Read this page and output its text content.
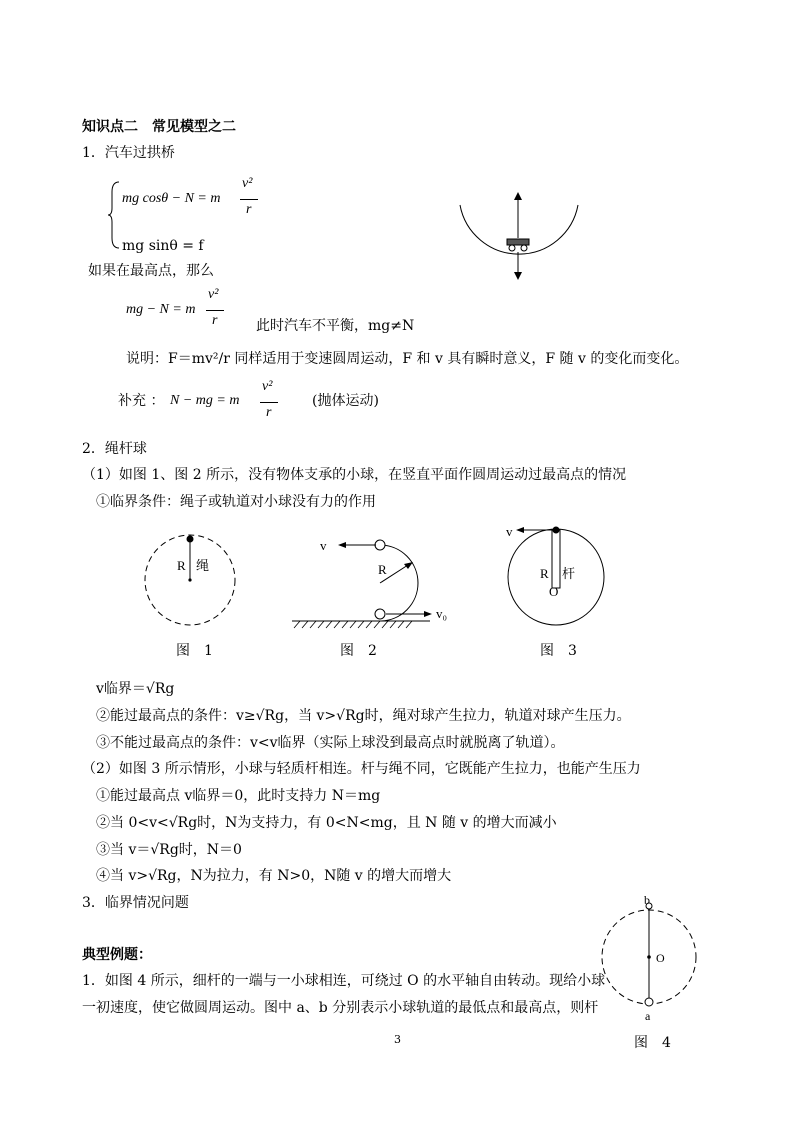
知识点二　常见模型之二
1．汽车过拱桥
mg cosθ − N = m
v²
r
mg sinθ = f
如果在最高点，那么
mg − N = m
v²
r	此时汽车不平衡，mg≠N
说明：F＝mv²/r 同样适用于变速圆周运动，F 和 v 具有瞬时意义，F 随 v 的变化而变化。
补充 ： N − mg = m
v²
r
(抛体运动)
2．绳杆球
（1）如图 1、图 2 所示，没有物体支承的小球，在竖直平面作圆周运动过最高点的情况
①临界条件：绳子或轨道对小球没有力的作用
R 绳
图　1
v
R
v₀
图　2
v
R 杆
O
图　3
v临界＝√Rg
②能过最高点的条件：v≥√Rg，当 v>√Rg时，绳对球产生拉力，轨道对球产生压力。
③不能过最高点的条件：v<v临界（实际上球没到最高点时就脱离了轨道）。
（2）如图 3 所示情形，小球与轻质杆相连。杆与绳不同，它既能产生拉力，也能产生压力
①能过最高点 v临界＝0，此时支持力 N＝mg
②当 0<v<√Rg时，N为支持力，有 0<N<mg，且 N 随 v 的增大而减小
③当 v＝√Rg时，N＝0
④当 v>√Rg，N为拉力，有 N>0，N随 v 的增大而增大
3．临界情况问题
典型例题：
1．如图 4 所示，细杆的一端与一小球相连，可绕过 O 的水平轴自由转动。现给小球
一初速度，使它做圆周运动。图中 a、b 分别表示小球轨道的最低点和最高点，则杆
b
O
a
图　4
3
